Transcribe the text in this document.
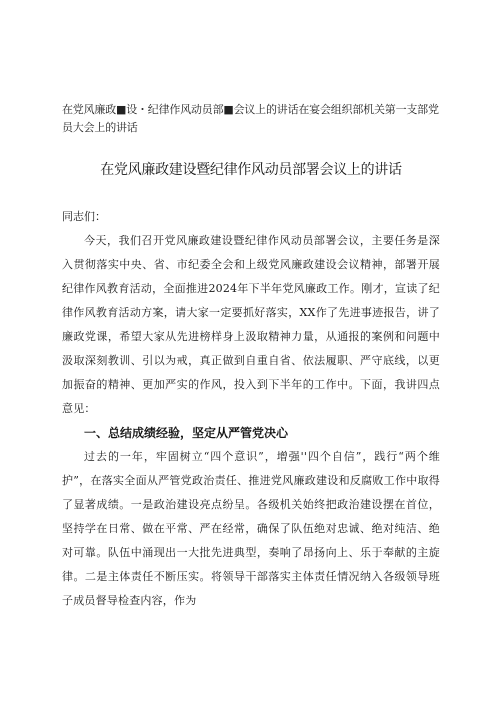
在党风廉政■设・纪律作风动员部■会议上的讲话在宴会组织部机关第一支部党员大会上的讲话

在党风廉政建设暨纪律作风动员部署会议上的讲话

同志们：

今天，我们召开党风廉政建设暨纪律作风动员部署会议，主要任务是深入贯彻落实中央、省、市纪委全会和上级党风廉政建设会议精神，部署开展纪律作风教育活动，全面推进2024年下半年党风廉政工作。刚才，宣读了纪律作风教育活动方案，请大家一定要抓好落实，XX作了先进事迹报告，讲了廉政党课，希望大家从先进榜样身上汲取精神力量，从通报的案例和问题中汲取深刻教训、引以为戒，真正做到自重自省、依法履职、严守底线，以更加振奋的精神、更加严实的作风，投入到下半年的工作中。下面，我讲四点意见：

一、总结成绩经验，坚定从严管党决心

过去的一年，牢固树立“四个意识”，增强''四个自信”，践行“两个维护”，在落实全面从严管党政治责任、推进党风廉政建设和反腐败工作中取得了显著成绩。一是政治建设亮点纷呈。各级机关始终把政治建设摆在首位，坚持学在日常、做在平常、严在经常，确保了队伍绝对忠诚、绝对纯洁、绝对可靠。队伍中涌现出一大批先进典型，奏响了昂扬向上、乐于奉献的主旋律。二是主体责任不断压实。将领导干部落实主体责任情况纳入各级领导班子成员督导检查内容，作为
